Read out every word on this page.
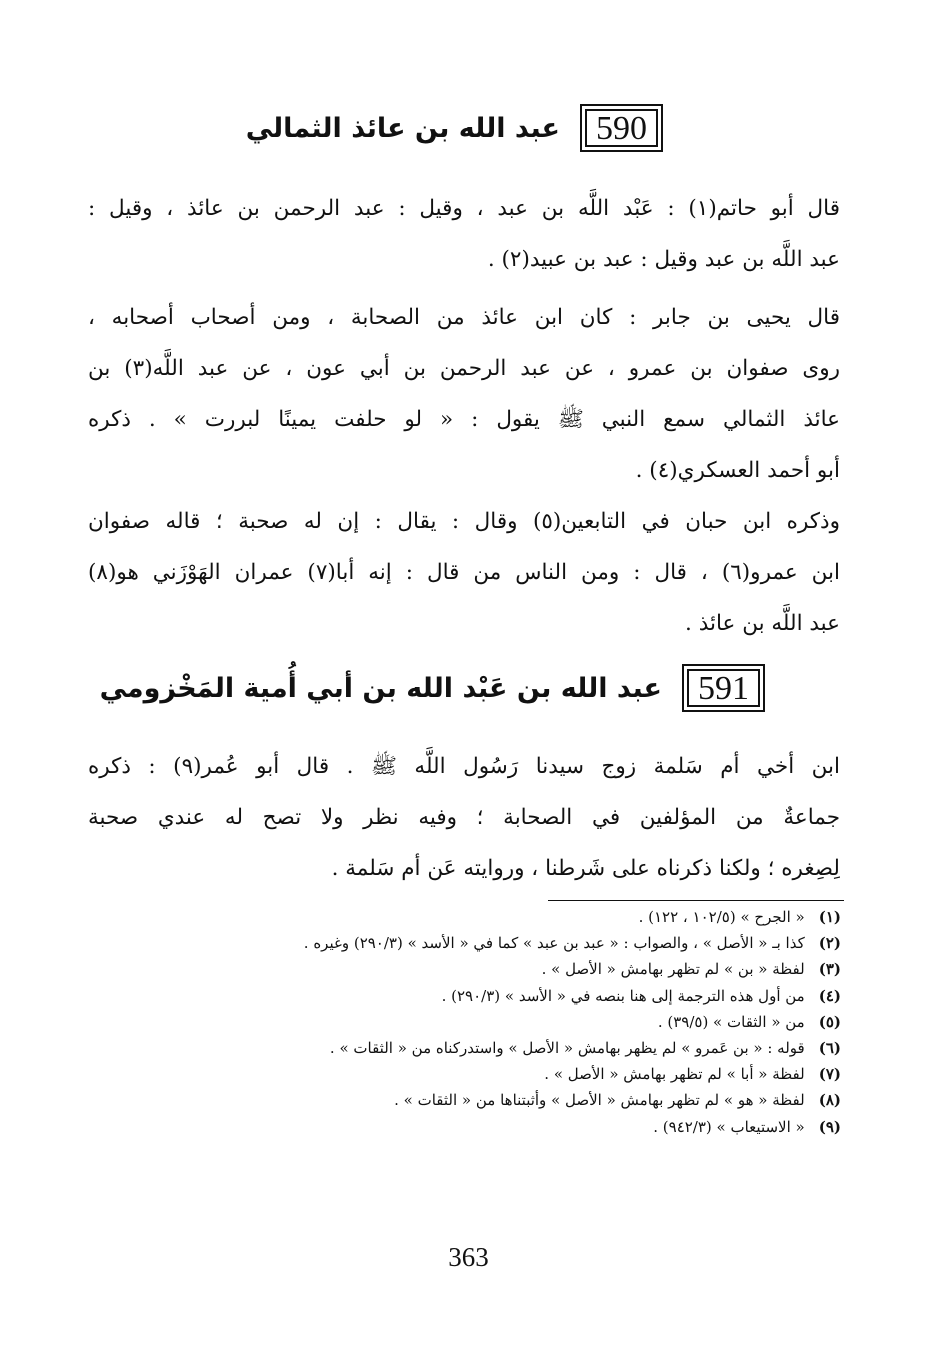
590
عبد الله بن عائذ الثمالي
قال أبو حاتم(١) : عَبْد اللَّه بن عبد ، وقيل : عبد الرحمن بن عائذ ، وقيل :
عبد اللَّه بن عبد وقيل : عبد بن عبيد(٢) .
قال يحيى بن جابر : كان ابن عائذ من الصحابة ، ومن أصحاب أصحابه ،
روى صفوان بن عمرو ، عن عبد الرحمن بن أبي عون ، عن عبد اللَّه(٣) بن
عائذ الثمالي سمع النبي ﷺ يقول : « لو حلفت يمينًا لبررت » . ذكره
أبو أحمد العسكري(٤) .
وذكره ابن حبان في التابعين(٥) وقال : يقال : إن له صحبة ؛ قاله صفوان
ابن عمرو(٦) ، قال : ومن الناس من قال : إنه أبا(٧) عمران الهَوْزَني هو(٨)
عبد اللَّه بن عائذ .
591
عبد الله بن عَبْد الله بن أبي أُمية المَخْزومي
ابن أخي أم سَلمة زوج سيدنا رَسُول اللَّه ﷺ . قال أبو عُمر(٩) : ذكره
جماعةٌ من المؤلفين في الصحابة ؛ وفيه نظر ولا تصح له عندي صحبة
لِصِغره ؛ ولكنا ذكرناه على شَرطنا ، وروايته عَن أم سَلمة .
(١)« الجرح » (١٠٢/٥ ، ١٢٢) .
(٢)كذا بـ « الأصل » ، والصواب : « عبد بن عبد » كما في « الأسد » (٢٩٠/٣) وغيره .
(٣)لفظة « بن » لم تظهر بهامش « الأصل » .
(٤)من أول هذه الترجمة إلى هنا بنصه في « الأسد » (٢٩٠/٣) .
(٥)من « الثقات » (٣٩/٥) .
(٦)قوله : « بن عَمرو » لم يظهر بهامش « الأصل » واستدركناه من « الثقات » .
(٧)لفظة « أبا » لم تظهر بهامش « الأصل » .
(٨)لفظة « هو » لم تظهر بهامش « الأصل » وأثبتناها من « الثقات » .
(٩)« الاستيعاب » (٩٤٢/٣) .
363
